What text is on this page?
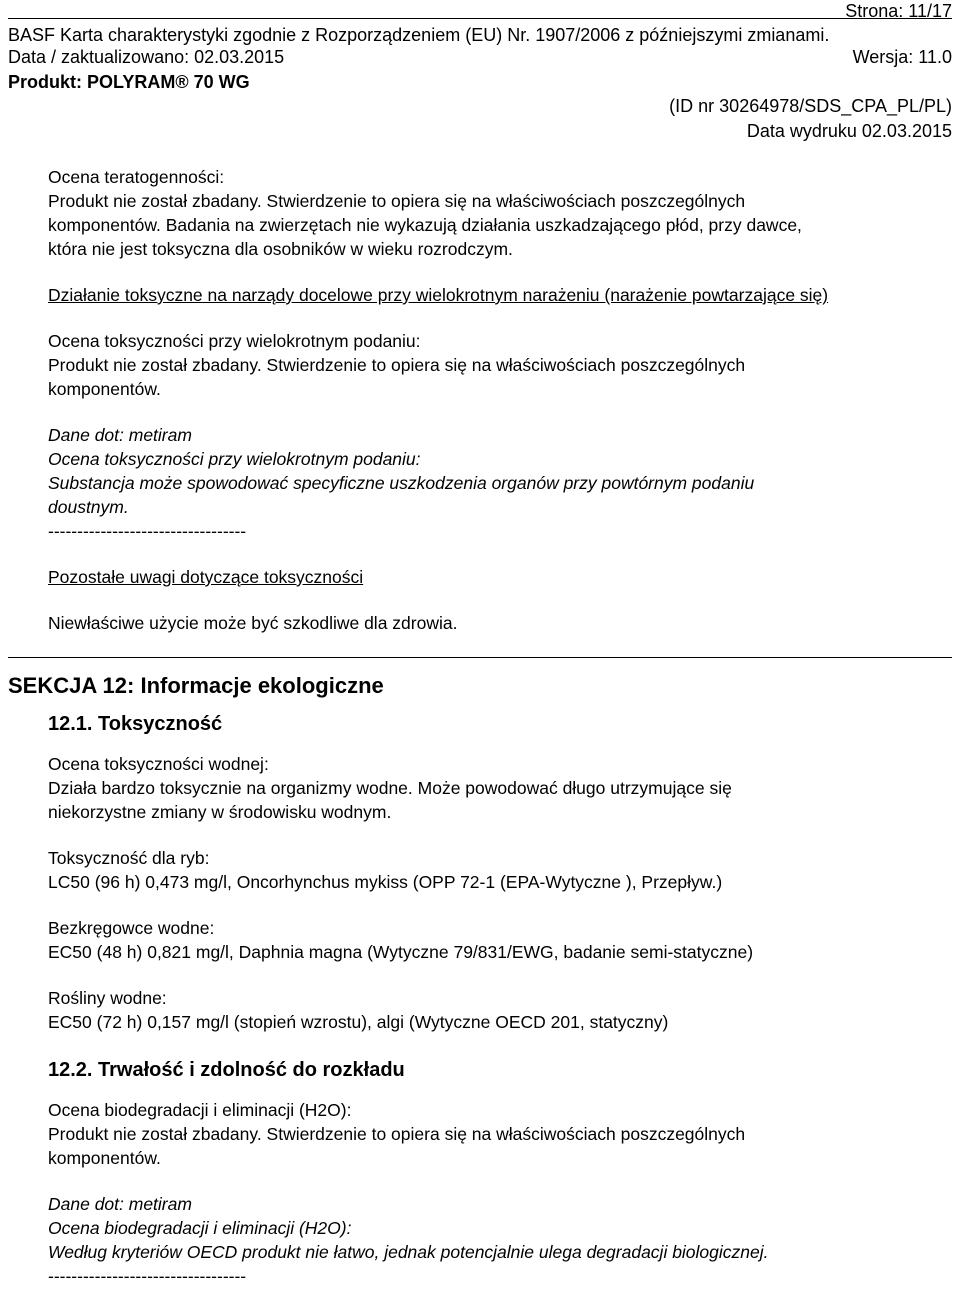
Strona: 11/17
BASF Karta charakterystyki zgodnie z Rozporządzeniem (EU) Nr. 1907/2006 z późniejszymi zmianami.
Data / zaktualizowano: 02.03.2015	Wersja: 11.0
Produkt: POLYRAM® 70 WG
(ID nr 30264978/SDS_CPA_PL/PL)
Data wydruku 02.03.2015

Ocena teratogenności:

Produkt nie został zbadany. Stwierdzenie to opiera się na właściwościach poszczególnych

komponentów. Badania na zwierzętach nie wykazują działania uszkadzającego płód, przy dawce,

która nie jest toksyczna dla osobników w wieku rozrodczym.

Działanie toksyczne na narządy docelowe przy wielokrotnym narażeniu (narażenie powtarzające się)

Ocena toksyczności przy wielokrotnym podaniu:

Produkt nie został zbadany. Stwierdzenie to opiera się na właściwościach poszczególnych

komponentów.

Dane dot: metiram

Ocena toksyczności przy wielokrotnym podaniu:

Substancja może spowodować specyficzne uszkodzenia organów przy powtórnym podaniu

doustnym.

----------------------------------

Pozostałe uwagi dotyczące toksyczności

Niewłaściwe użycie może być szkodliwe dla zdrowia.

SEKCJA 12: Informacje ekologiczne

12.1. Toksyczność

Ocena toksyczności wodnej:

Działa bardzo toksycznie na organizmy wodne. Może powodować długo utrzymujące się

niekorzystne zmiany w środowisku wodnym.

Toksyczność dla ryb:

LC50 (96 h) 0,473 mg/l, Oncorhynchus mykiss (OPP 72-1 (EPA-Wytyczne ), Przepływ.)

Bezkręgowce wodne:

EC50 (48 h) 0,821 mg/l, Daphnia magna (Wytyczne 79/831/EWG, badanie semi-statyczne)

Rośliny wodne:

EC50 (72 h) 0,157 mg/l (stopień wzrostu), algi (Wytyczne OECD 201, statyczny)

12.2. Trwałość i zdolność do rozkładu

Ocena biodegradacji i eliminacji (H2O):

Produkt nie został zbadany. Stwierdzenie to opiera się na właściwościach poszczególnych

komponentów.

Dane dot: metiram

Ocena biodegradacji i eliminacji (H2O):

Według kryteriów OECD produkt nie łatwo, jednak potencjalnie ulega degradacji biologicznej.

----------------------------------
